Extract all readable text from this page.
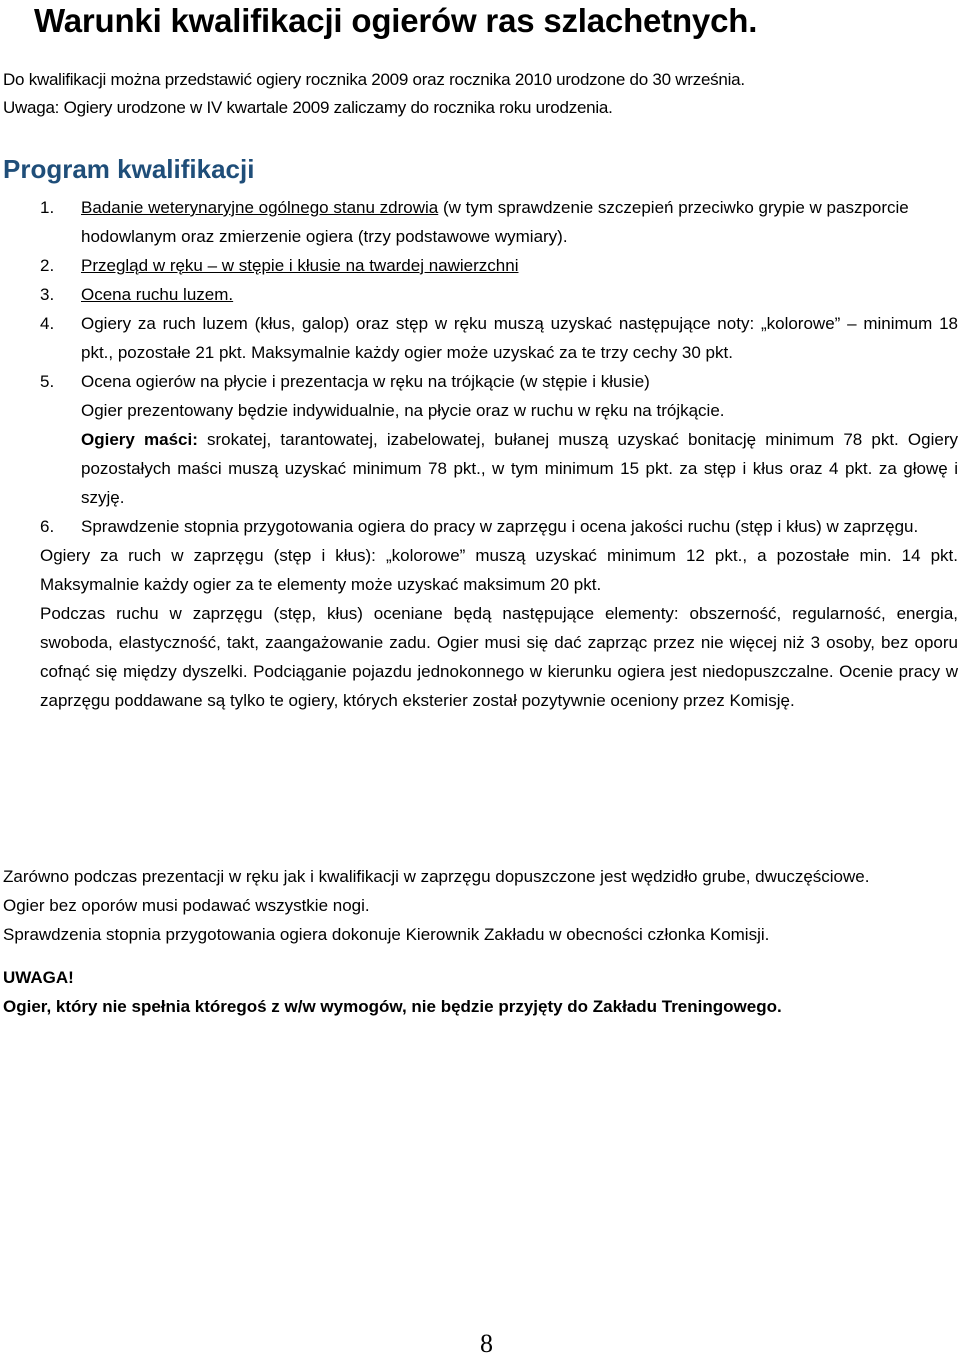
Warunki kwalifikacji ogierów ras szlachetnych.
Do kwalifikacji można przedstawić ogiery rocznika 2009 oraz rocznika 2010 urodzone do 30 września.
Uwaga: Ogiery urodzone w IV kwartale 2009 zaliczamy do rocznika roku urodzenia.
Program kwalifikacji
1.	Badanie weterynaryjne ogólnego stanu zdrowia (w tym sprawdzenie szczepień przeciwko grypie w paszporcie hodowlanym oraz zmierzenie ogiera (trzy podstawowe wymiary).
2.	Przegląd w ręku – w stępie i kłusie na twardej nawierzchni
3.	Ocena ruchu luzem.
4.	Ogiery za ruch luzem (kłus, galop) oraz stęp w ręku muszą uzyskać następujące noty: „kolorowe” – minimum 18 pkt., pozostałe 21 pkt. Maksymalnie każdy ogier może uzyskać za te trzy cechy 30 pkt.
5.	Ocena ogierów na płycie i prezentacja w ręku na trójkącie (w stępie i kłusie)
Ogier prezentowany będzie indywidualnie, na płycie oraz w ruchu w ręku na trójkącie.
Ogiery maści: srokatej, tarantowatej, izabelowatej, bułanej muszą uzyskać bonitację minimum 78 pkt. Ogiery pozostałych maści muszą uzyskać minimum 78 pkt., w tym minimum 15 pkt. za stęp i kłus oraz 4 pkt. za głowę i szyję.
6.	Sprawdzenie stopnia przygotowania ogiera do pracy w zaprzęgu i ocena jakości ruchu (stęp i kłus) w zaprzęgu.
Ogiery za ruch w zaprzęgu (stęp i kłus): „kolorowe” muszą uzyskać minimum 12 pkt., a pozostałe min. 14 pkt. Maksymalnie każdy ogier za te elementy może uzyskać maksimum 20 pkt.
Podczas ruchu w zaprzęgu (stęp, kłus) oceniane będą następujące elementy: obszerność, regularność, energia, swoboda, elastyczność, takt, zaangażowanie zadu. Ogier musi się dać zaprząc przez nie więcej niż 3 osoby, bez oporu cofnąć się między dyszelki. Podciąganie pojazdu jednokonnego w kierunku ogiera jest niedopuszczalne. Ocenie pracy w zaprzęgu poddawane są tylko te ogiery, których eksterier został pozytywnie oceniony przez Komisję.

Zarówno podczas prezentacji w ręku jak i kwalifikacji w zaprzęgu dopuszczone jest wędzidło grube, dwuczęściowe.

Ogier bez oporów musi podawać wszystkie nogi.

Sprawdzenia stopnia przygotowania ogiera dokonuje Kierownik Zakładu w obecności członka Komisji.

UWAGA!

Ogier, który nie spełnia któregoś z w/w wymogów, nie będzie przyjęty do Zakładu Treningowego.

8
